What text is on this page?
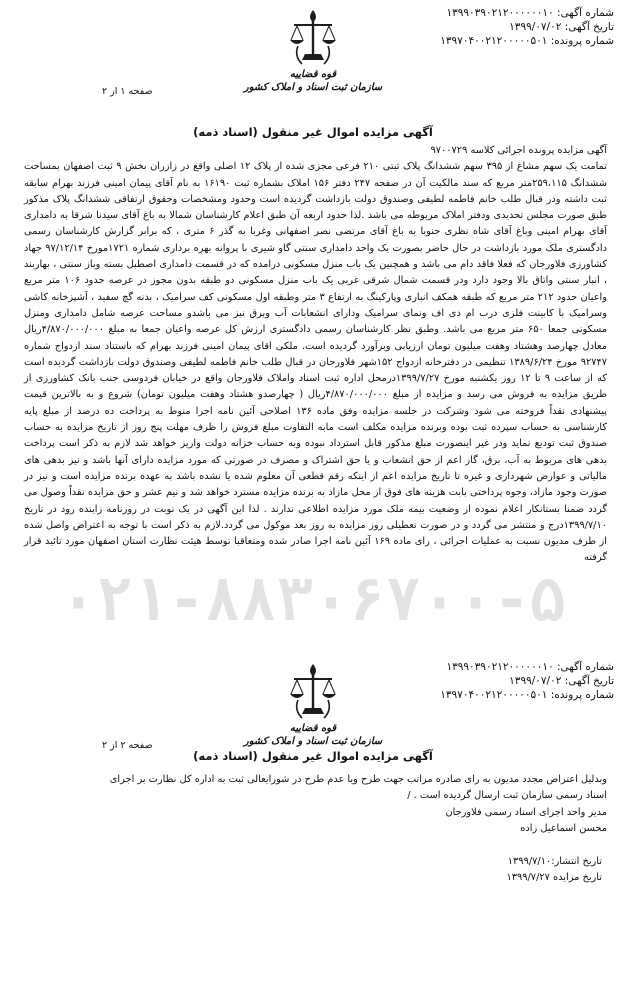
۰۲۱-۸۸۳۰۶۷۰۰-۵
شماره آگهی: ۱۳۹۹۰۳۹۰۲۱۲۰۰۰۰۰۰۱۰
تاریخ آگهی: ۱۳۹۹/۰۷/۰۲
شماره پرونده: ۱۳۹۷۰۴۰۰۲۱۲۰۰۰۰۰۵۰۱
قوه قضاییه
سازمان ثبت اسناد و املاک کشور
صفحه ۱ از ۲
آگهی مزایده اموال غیر منقول (اسناد ذمه)
آگهی مزایده پرونده اجرائی کلاسه ۹۷۰۰۷۲۹
تمامت یک سهم مشاع از ۳۹۵ سهم ششدانگ پلاک ثبتی ۲۱۰ فرعی مجزی شده از پلاک ۱۲ اصلی واقع در زازران بخش ۹ ثبت اصفهان بمساحت ششدانگ ۲۵۹،۱۱۵متر مربع که سند مالکیت آن در صفحه ۲۴۷ دفتر ۱۵۶ املاک بشماره ثبت ۱۶۱۹۰ به نام آقای پیمان امینی فرزند بهرام سابقه ثبت داشته ودر قبال طلب خانم فاطمه لطیفی وصندوق دولت بازداشت گردیده است وحدود ومشخصات وحقوق ارتفاقی ششدانگ پلاک مذکور طبق صورت مجلس تحدیدی ودفتر املاک مربوطه می باشد .لذا حدود اربعه آن طبق اعلام کارشناسان شمالا به باغ آقای سیدنا شرقا به دامداری آقای بهرام امینی وباغ آقای شاه نظری جنوبا به باغ آقای مرتضی نصر اصفهانی وغربا به گذر ۶ متری ، که برابر گزارش کارشناسان رسمی دادگستری ملک مورد بازداشت در حال حاضر بصورت یک واحد دامداری سنتی گاو شیری با پروانه بهره برداری شماره ۱۷۲۱مورخ ۹۷/۱۲/۱۴ جهاد کشاورزی فلاورجان که فعلا فاقد دام می باشد و همچنین یک باب منزل مسکونی درامده که در قسمت دامداری اصطبل بسته وباز سنتی ، بهاربند ، انبار سنتی واتاق بالا وجود دارد ودر قسمت شمال شرقی غربی یک باب منزل مسکونی دو طبقه بدون مجوز در عرصه حدود ۱۰۶ متر مربع واعیان حدود ۲۱۲ متر مربع که طبقه همکف انباری وپارکینگ به ارتفاع ۳ متر وطبقه اول مسکونی کف سرامیک ، بدنه گچ سفید ، آشپزخانه کاشی وسرامیک با کابینت فلزی درب ام دی اف ونمای سرامیک ودارای انشعابات آب وبرق نیز می باشدو مساحت عرصه شامل دامداری ومنزل مسکونی جمعا ۶۵۰ متر مربع می باشد. وطبق نظر کارشناسان رسمی دادگستری ارزش کل عرصه واعیان جمعا به مبلغ ۴/۸۷۰/۰۰۰/۰۰۰ریال معادل چهارصد وهشتاد وهفت میلیون تومان ارزیابی وبرآورد گردیده است. ملکی اقای پیمان امینی فرزند بهرام که باستناد سند ازدواج شماره ۹۲۷۴۷ مورخ ۱۳۸۹/۶/۲۴ تنظیمی در دفترخانه ازدواج ۱۵۲شهر فلاورجان در قبال طلب خانم فاطمه لطیفی وصندوق دولت بازداشت گردیده است که از ساعت ۹ تا ۱۲ روز یکشنبه مورخ ۱۳۹۹/۷/۲۷درمحل اداره ثبت اسناد واملاک فلاورجان واقع در خیابان فردوسی جنب بانک کشاورزی از طریق مزایده به فروش می رسد و مزایده از مبلغ ۴/۸۷۰/۰۰۰/۰۰۰ریال ( چهارصدو هشتاد وهفت میلیون تومان) شروع و به بالاترین قیمت پیشنهادی نقداً فروخته می شود وشرکت در جلسه مزایده وفق ماده ۱۳۶ اصلاحی آئین نامه اجرا منوط به پرداخت ده درصد از مبلغ پایه کارشناسی به حساب سپرده ثبت بوده وبرنده مزایده مکلف است مابه التفاوت مبلغ فروش را ظرف مهلت پنج روز از تاریخ مزایده به حساب صندوق ثبت تودیع نماید ودر غیر اینصورت مبلغ مذکور قابل استرداد نبوده وبه حساب خزانه دولت واریز خواهد شد لازم به ذکر است پرداخت بدهی های مربوط به آب، برق، گاز اعم از حق انشعاب و یا حق اشتراک و مصرف در صورتی که مورد مزایده دارای آنها باشد و نیز بدهی های مالیاتی و عوارض شهرداری و غیره تا تاریخ مزایده اعم از اینکه رقم قطعی آن معلوم شده یا نشده باشد به عهده برنده مزایده است و نیز در صورت وجود مازاد، وجوه پرداختی بابت هزینه های فوق از محل مازاد به برنده مزایده مسترد خواهد شد و نیم عشر و حق مزایده نقداً وصول می گردد ضمنا بستانکار اعلام نموده از وضعیت بیمه ملک مورد مزایده اطلاعی ندارند . لذا این آگهی در یک نوبت در روزنامه زاینده رود در تاریخ ۱۳۹۹/۷/۱۰درج و منتشر می گردد و در صورت تعطیلی روز مزایده به روز بعد موکول می گردد.لازم به ذکر است با توجه به اعتراض واصل شده از طرف مدیون نسبت به عملیات اجرائی ، رای ماده ۱۶۹ آئین نامه اجرا صادر شده ومتعاقبا توسط هیئت نظارت استان اصفهان مورد تائید قرار گرفته
شماره آگهی: ۱۳۹۹۰۳۹۰۲۱۲۰۰۰۰۰۰۱۰
تاریخ آگهی: ۱۳۹۹/۰۷/۰۲
شماره پرونده: ۱۳۹۷۰۴۰۰۲۱۲۰۰۰۰۰۵۰۱
قوه قضاییه
سازمان ثبت اسناد و املاک کشور
صفحه ۲ از ۲
آگهی مزایده اموال غیر منقول (اسناد ذمه)
وبدلیل اعتراض مجدد مدیون به رای صادره مراتب جهت طرح ویا عدم طرح در شورایعالی ثبت به اداره کل نظارت بر اجرای
اسناد رسمی سازمان ثبت ارسال گردیده است . /
مدیر واحد اجرای اسناد رسمی فلاورجان
محسن اسماعیل زاده
تاریخ انتشار:۱۳۹۹/۷/۱۰
تاریخ مزایده ۱۳۹۹/۷/۲۷
